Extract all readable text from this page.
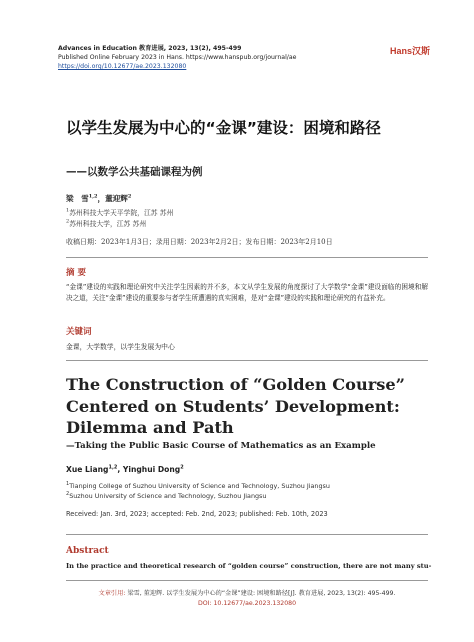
Advances in Education 教育进展, 2023, 13(2), 495-499
Published Online February 2023 in Hans. https://www.hanspub.org/journal/ae
https://doi.org/10.12677/ae.2023.132080
Hans汉斯
以学生发展为中心的“金课”建设：困境和路径
——以数学公共基础课程为例
梁　雪$^{1,2}$，董迎辉$^2$
$^1$苏州科技大学天平学院，江苏 苏州
$^2$苏州科技大学，江苏 苏州
收稿日期：2023年1月3日；录用日期：2023年2月2日；发布日期：2023年2月10日
摘 要
“金课”建设的实践和理论研究中关注学生因素的并不多，本文从学生发展的角度探讨了大学数学“金课”建设面临的困境和解决之道，关注“金课”建设的重要参与者学生所遭遇的真实困难，是对“金课”建设的实践和理论研究的有益补充。
关键词
金课，大学数学，以学生发展为中心
The Construction of “Golden Course” Centered on Students’ Development: Dilemma and Path
—Taking the Public Basic Course of Mathematics as an Example
Xue Liang$^{1,2}$, Yinghui Dong$^2$
$^1$Tianping College of Suzhou University of Science and Technology, Suzhou Jiangsu
$^2$Suzhou University of Science and Technology, Suzhou Jiangsu
Received: Jan. 3rd, 2023; accepted: Feb. 2nd, 2023; published: Feb. 10th, 2023
Abstract
In the practice and theoretical research of “golden course” construction, there are not many stu-
文章引用: 梁雪, 董迎辉. 以学生发展为中心的“金课”建设: 困境和路径[J]. 教育进展, 2023, 13(2): 495-499.
DOI: 10.12677/ae.2023.132080
